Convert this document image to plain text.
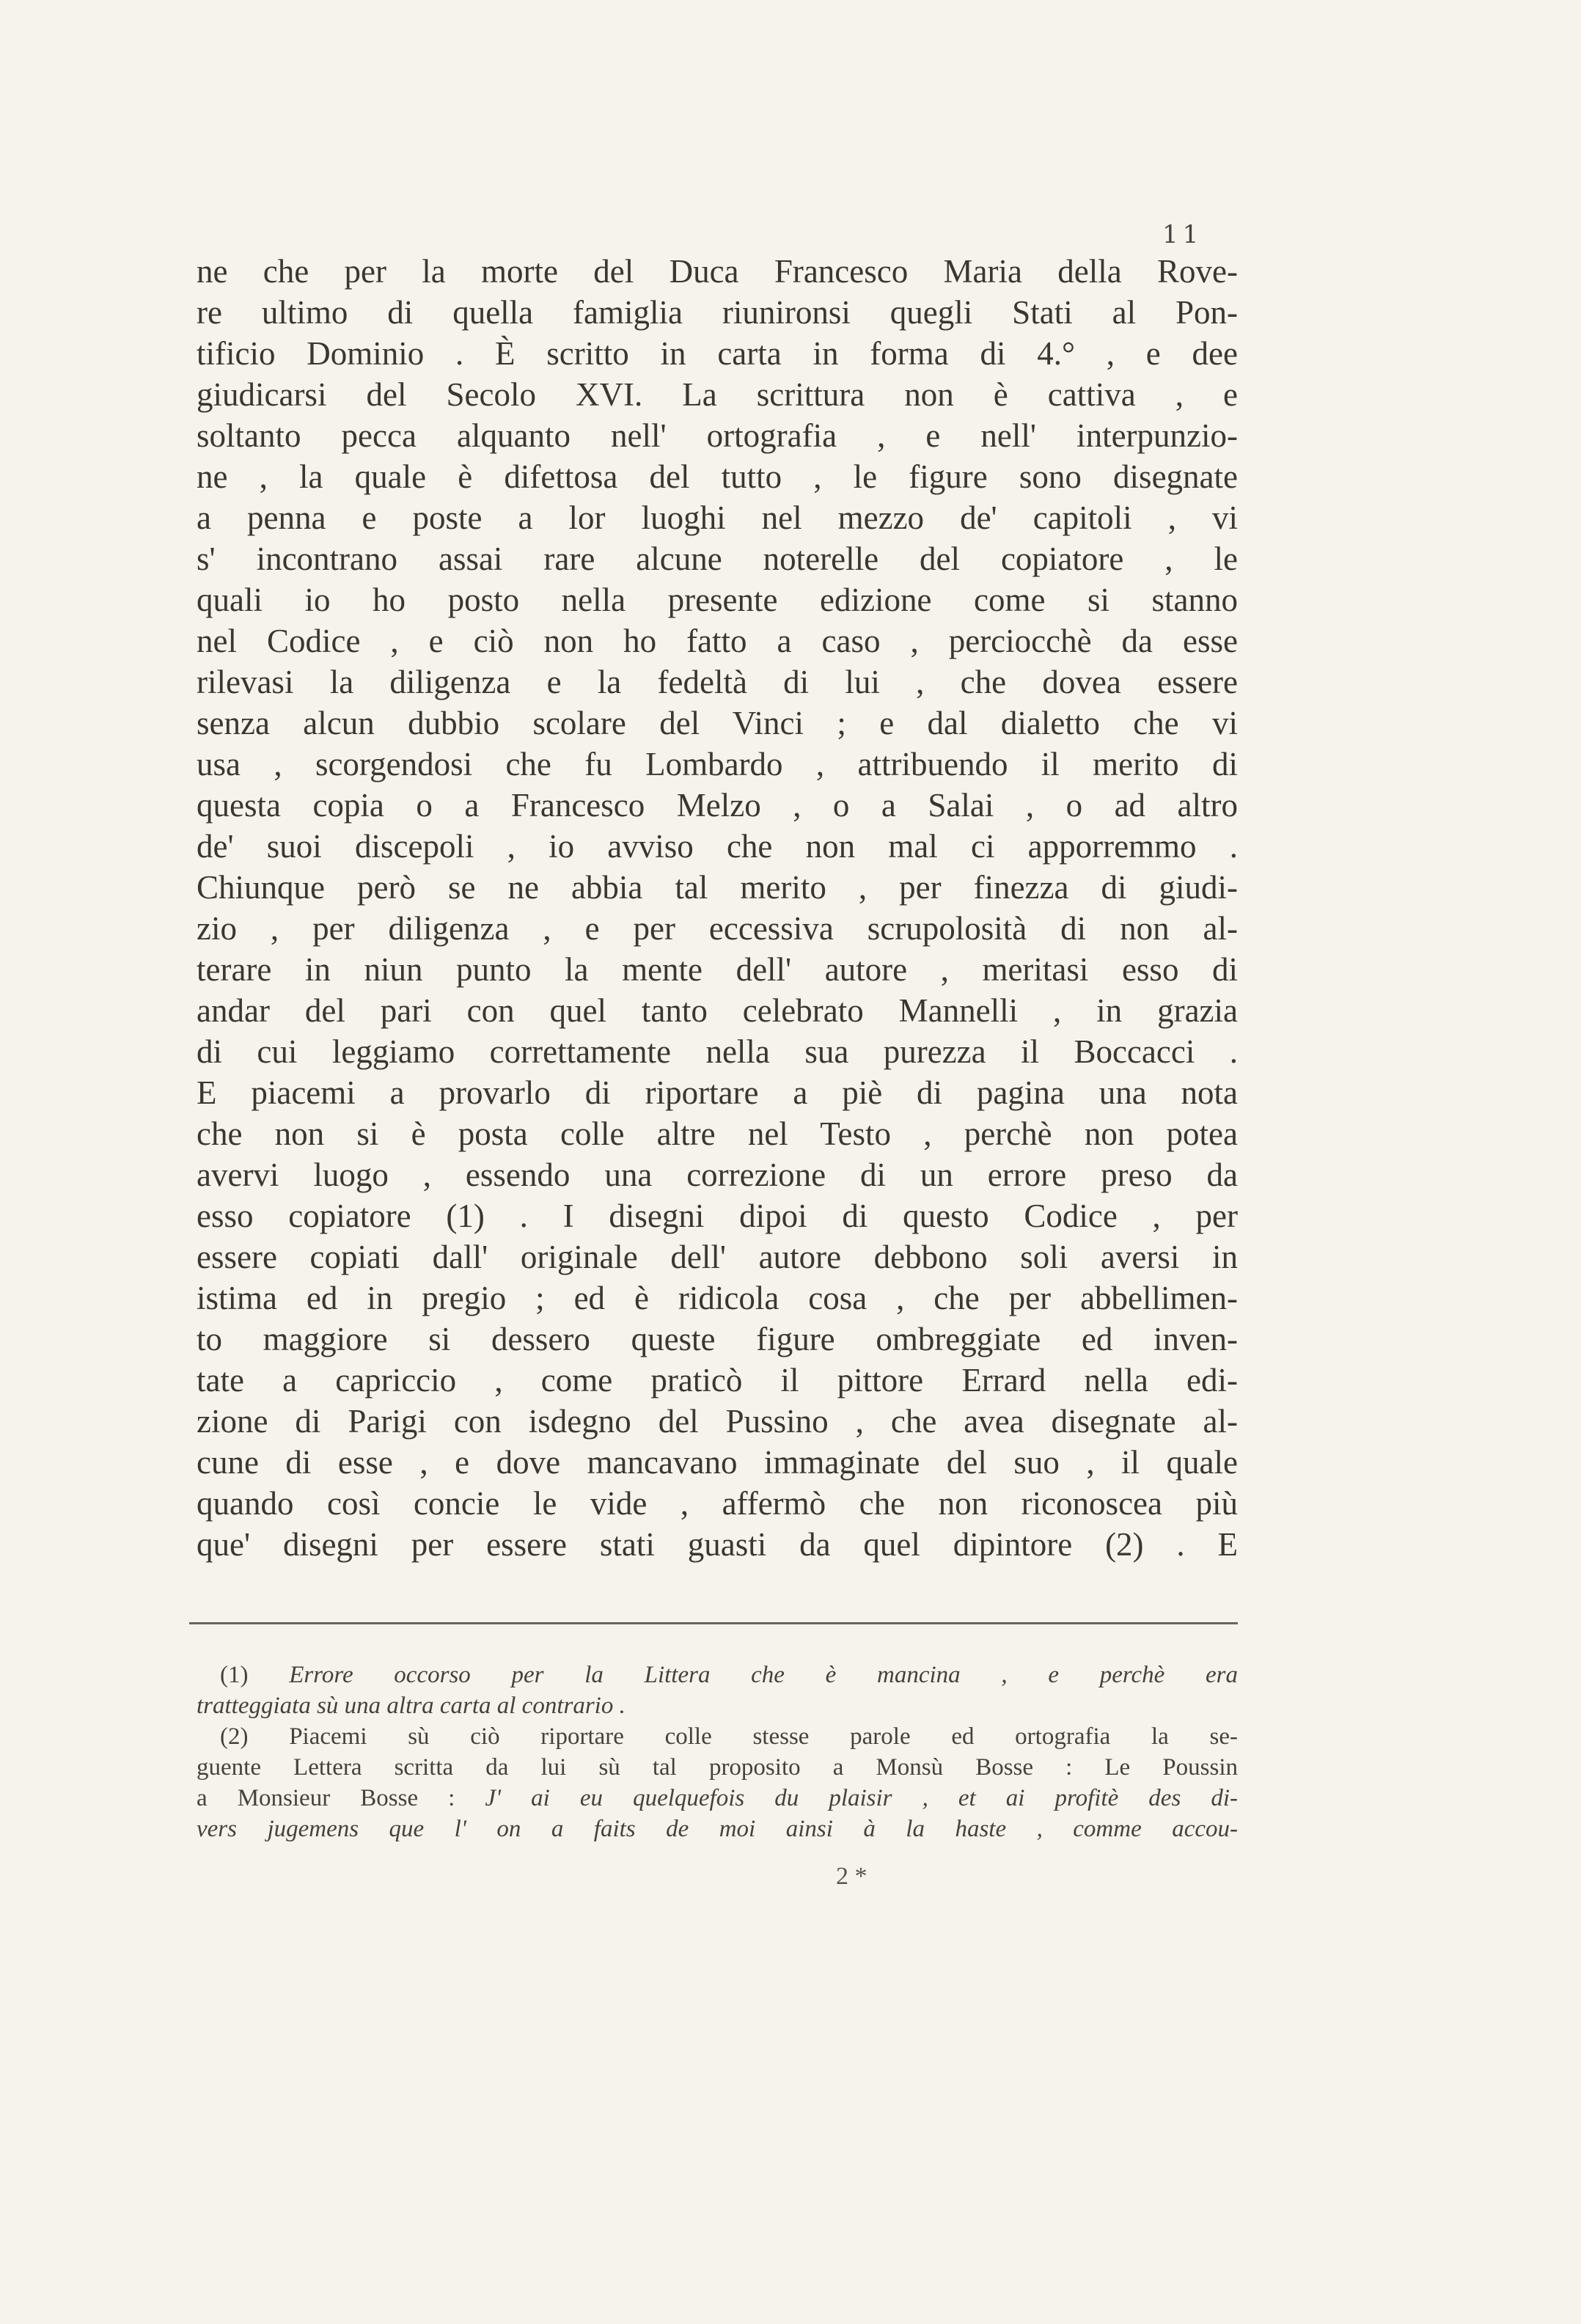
11
ne che per la morte del Duca Francesco Maria della Rove-
re ultimo di quella famiglia riunironsi quegli Stati al Pon-
tificio Dominio . È scritto in carta in forma di 4.° , e dee
giudicarsi del Secolo XVI. La scrittura non è cattiva , e
soltanto pecca alquanto nell' ortografia , e nell' interpunzio-
ne , la quale è difettosa del tutto , le figure sono disegnate
a penna e poste a lor luoghi nel mezzo de' capitoli , vi
s' incontrano assai rare alcune noterelle del copiatore , le
quali io ho posto nella presente edizione come si stanno
nel Codice , e ciò non ho fatto a caso , perciocchè da esse
rilevasi la diligenza e la fedeltà di lui , che dovea essere
senza alcun dubbio scolare del Vinci ; e dal dialetto che vi
usa , scorgendosi che fu Lombardo , attribuendo il merito di
questa copia o a Francesco Melzo , o a Salai , o ad altro
de' suoi discepoli , io avviso che non mal ci apporremmo .
Chiunque però se ne abbia tal merito , per finezza di giudi-
zio , per diligenza , e per eccessiva scrupolosità di non al-
terare in niun punto la mente dell' autore , meritasi esso di
andar del pari con quel tanto celebrato Mannelli , in grazia
di cui leggiamo correttamente nella sua purezza il Boccacci .
E piacemi a provarlo di riportare a piè di pagina una nota
che non si è posta colle altre nel Testo , perchè non potea
avervi luogo , essendo una correzione di un errore preso da
esso copiatore (1) . I disegni dipoi di questo Codice , per
essere copiati dall' originale dell' autore debbono soli aversi in
istima ed in pregio ; ed è ridicola cosa , che per abbellimen-
to maggiore si dessero queste figure ombreggiate ed inven-
tate a capriccio , come praticò il pittore Errard nella edi-
zione di Parigi con isdegno del Pussino , che avea disegnate al-
cune di esse , e dove mancavano immaginate del suo , il quale
quando così concie le vide , affermò che non riconoscea più
que' disegni per essere stati guasti da quel dipintore (2) . E
(1) Errore occorso per la Littera che è mancina , e perchè era
tratteggiata sù una altra carta al contrario .
(2) Piacemi sù ciò riportare colle stesse parole ed ortografia la se-
guente Lettera scritta da lui sù tal proposito a Monsù Bosse : Le Poussin
a Monsieur Bosse : J' ai eu quelquefois du plaisir , et ai profitè des di-
vers jugemens que l' on a faits de moi ainsi à la haste , comme accou-
2 *
